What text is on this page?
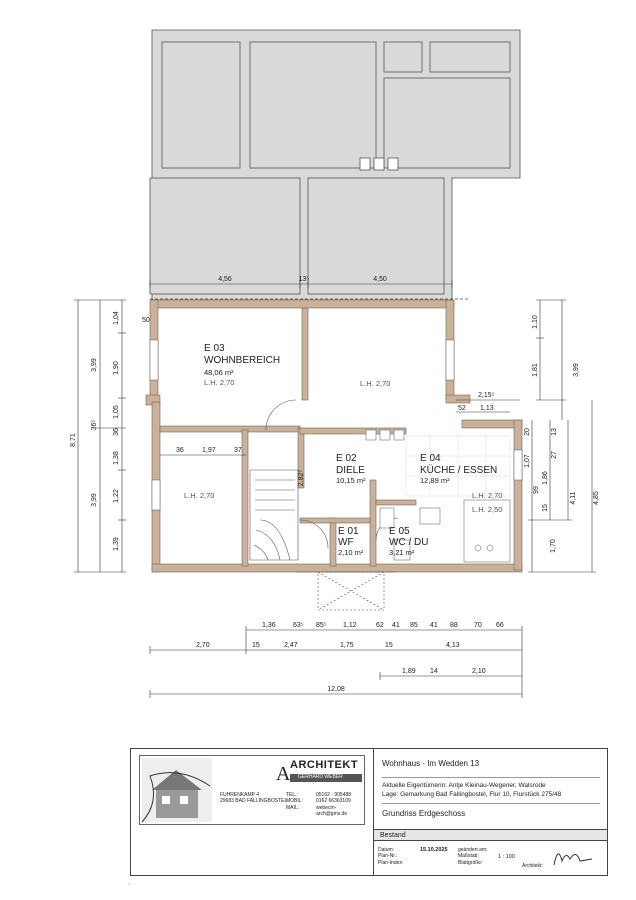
4,56	13⁵	4,50
E 03
WOHNBEREICH
48,06 m²
L.H. 2,70	L.H. 2,70
L.H. 2,70
E 02
DIELE
10,15 m²
E 04
KÜCHE / ESSEN
12,89 m²
L.H. 2,70
L.H. 2,50
E 01
WF
2,10 m²
E 05
WC / DU
3,21 m²
8,71
3,99
3,99
36⁵
1,04
1,90
1,05
36
1,38
1,22
1,39
50
36	1,97	37
2,82⁵
1,10
1,81	3,99
2,15⁵
52 1,13
20	13
1,07
1,86
27
15
99
4,11 4,85
1,70
1,36 63⁵ 85⁵ 1,12	62 41 85 41 88 70 66
2,70	15	2,47	1,75	15	4,13
1,89 14	2,10
12,08
·
A ARCHITEKT
GERHARD WEBER
FUHRENKAMP 4
29683 BAD FALLINGBOSTEL
TEL.:
MOBIL:
MAIL:
05162 - 905488
0162 66363109
webecm-arch@gmx.de
Wohnhaus - Im Wedden 13
Aktuelle Eigentümerin: Antje Kleinau-Wegener, Walsrode
Lage: Gemarkung Bad Fallingbostel, Flur 10, Flurstück 275/48
Grundriss Erdgeschoss
Bestand
Datum:
Plan-Nr.:
Plan-Index:
15.10.2025 geändert am:
Maßstab:
Blattgröße:
1 : 100
Architekt:
